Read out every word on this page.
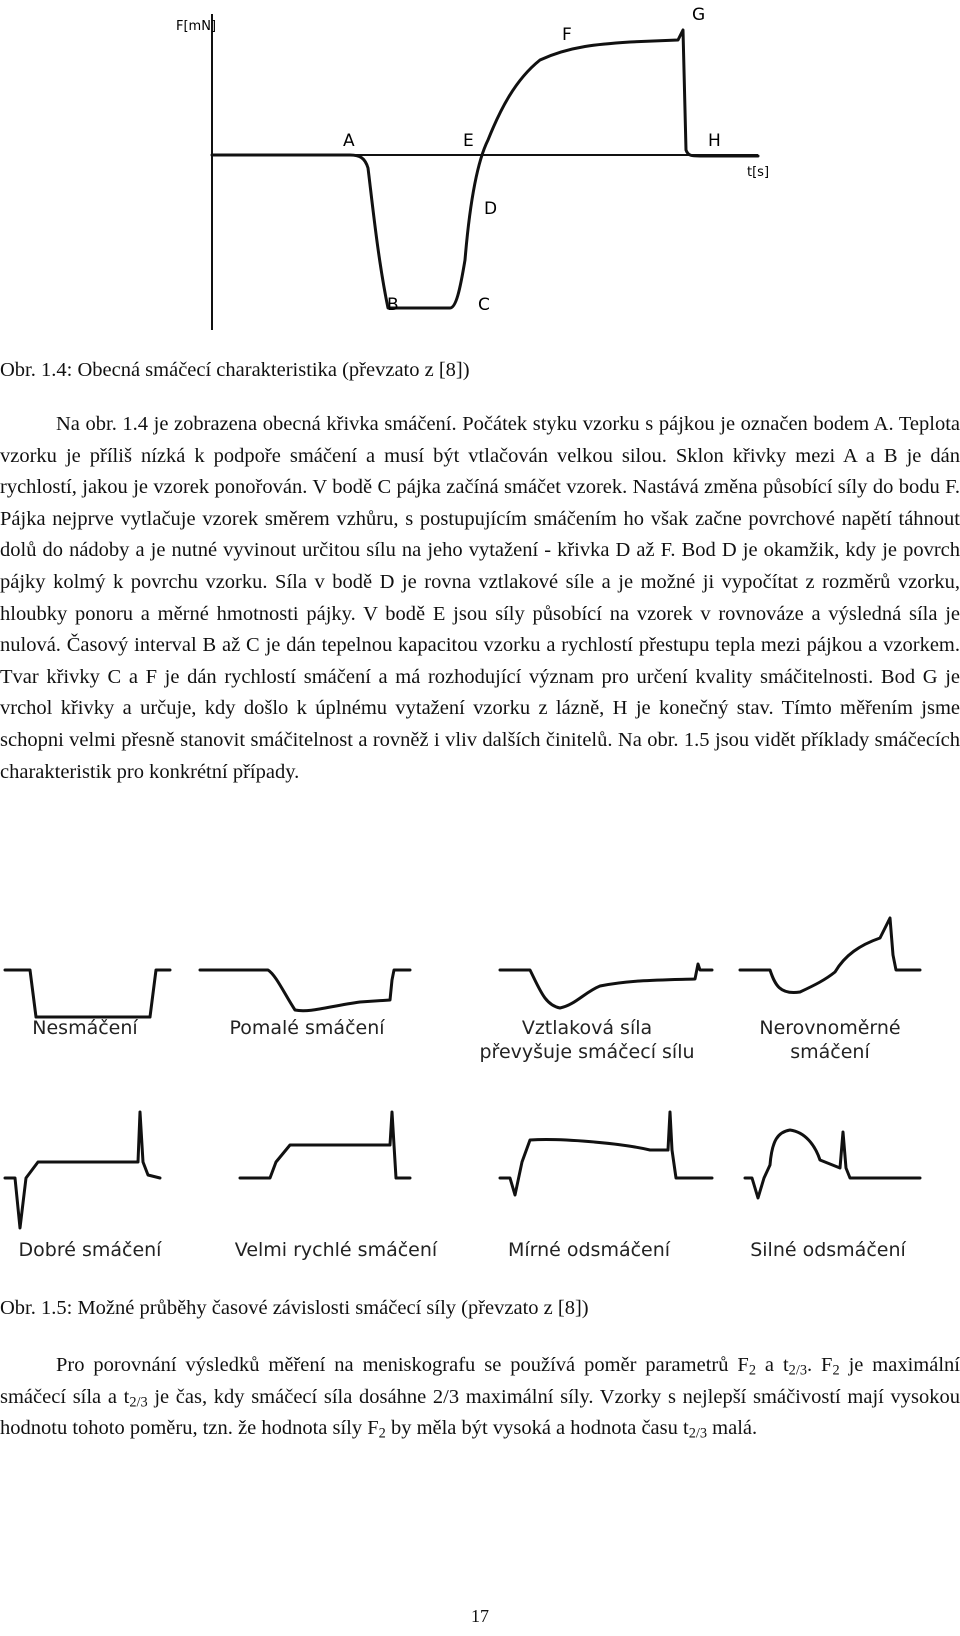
F[mN]
t[s]
A
B	C
D
E
F
G
H
Obr. 1.4: Obecná smáčecí charakteristika (převzato z [8])
Na obr. 1.4 je zobrazena obecná křivka smáčení. Počátek styku vzorku s pájkou je označen bodem A. Teplota vzorku je příliš nízká k podpoře smáčení a musí být vtlačován velkou silou. Sklon křivky mezi A a B je dán rychlostí, jakou je vzorek ponořován. V bodě C pájka začíná smáčet vzorek. Nastává změna působící síly do bodu F. Pájka nejprve vytlačuje vzorek směrem vzhůru, s postupujícím smáčením ho však začne povrchové napětí táhnout dolů do nádoby a je nutné vyvinout určitou sílu na jeho vytažení - křivka D až F. Bod D je okamžik, kdy je povrch pájky kolmý k povrchu vzorku. Síla v bodě D je rovna vztlakové síle a je možné ji vypočítat z rozměrů vzorku, hloubky ponoru a měrné hmotnosti pájky. V bodě E jsou síly působící na vzorek v rovnováze a výsledná síla je nulová. Časový interval B až C je dán tepelnou kapacitou vzorku a rychlostí přestupu tepla mezi pájkou a vzorkem. Tvar křivky C a F je dán rychlostí smáčení a má rozhodující význam pro určení kvality smáčitelnosti. Bod G je vrchol křivky a určuje, kdy došlo k úplnému vytažení vzorku z lázně, H je konečný stav. Tímto měřením jsme schopni velmi přesně stanovit smáčitelnost a rovněž i vliv dalších činitelů. Na obr. 1.5 jsou vidět příklady smáčecích charakteristik pro konkrétní případy.
Nesmáčení	Pomalé smáčení	Vztlaková síla
převyšuje smáčecí sílu
Nerovnoměrné
smáčení
Dobré smáčení	Velmi rychlé smáčení	Mírné odsmáčení	Silné odsmáčení
Obr. 1.5: Možné průběhy časové závislosti smáčecí síly (převzato z [8])
Pro porovnání výsledků měření na meniskografu se používá poměr parametrů $F_2$ a $t_{2/3}$. $F_2$ je maximální smáčecí síla a $t_{2/3}$ je čas, kdy smáčecí síla dosáhne 2/3 maximální síly. Vzorky s nejlepší smáčivostí mají vysokou hodnotu tohoto poměru, tzn. že hodnota síly $F_2$ by měla být vysoká a hodnota času $t_{2/3}$ malá.
17
